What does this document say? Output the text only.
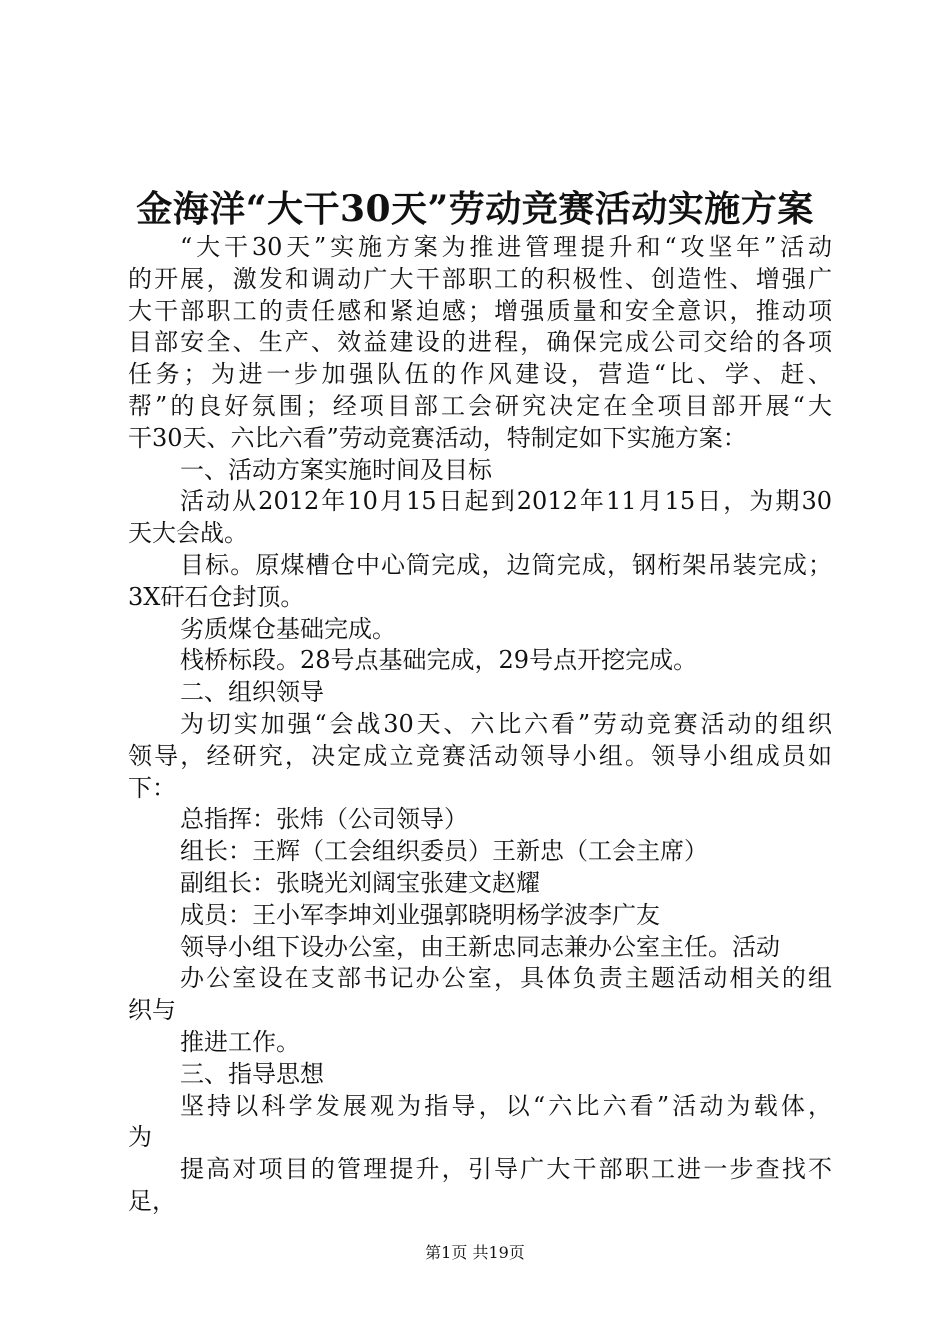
金海洋“大干30天”劳动竞赛活动实施方案
“大干30天”实施方案为推进管理提升和“攻坚年”活动
的开展，激发和调动广大干部职工的积极性、创造性、增强广
大干部职工的责任感和紧迫感；增强质量和安全意识，推动项
目部安全、生产、效益建设的进程，确保完成公司交给的各项
任务；为进一步加强队伍的作风建设，营造“比、学、赶、
帮”的良好氛围；经项目部工会研究决定在全项目部开展“大
干30天、六比六看”劳动竞赛活动，特制定如下实施方案：
一、活动方案实施时间及目标
活动从2012年10月15日起到2012年11月15日，为期30
天大会战。
目标。原煤槽仓中心筒完成，边筒完成，钢桁架吊装完成；
3X矸石仓封顶。
劣质煤仓基础完成。
栈桥标段。28号点基础完成，29号点开挖完成。
二、组织领导
为切实加强“会战30天、六比六看”劳动竞赛活动的组织
领导，经研究，决定成立竞赛活动领导小组。领导小组成员如
下：
总指挥：张炜（公司领导）
组长：王辉（工会组织委员）王新忠（工会主席）
副组长：张晓光刘阔宝张建文赵耀
成员：王小军李坤刘业强郭晓明杨学波李广友
领导小组下设办公室，由王新忠同志兼办公室主任。活动
办公室设在支部书记办公室，具体负责主题活动相关的组
织与
推进工作。
三、指导思想
坚持以科学发展观为指导，以“六比六看”活动为载体，
为
提高对项目的管理提升，引导广大干部职工进一步查找不
足，
第1页 共19页
